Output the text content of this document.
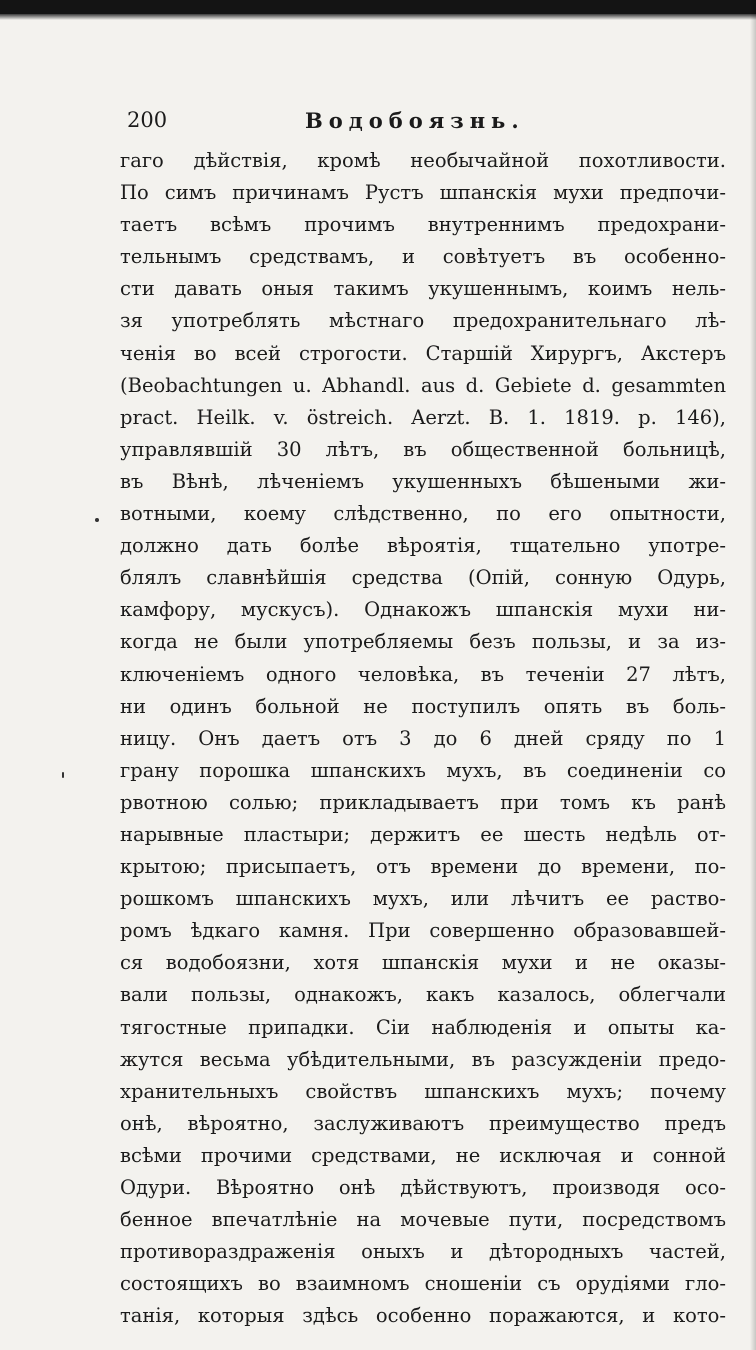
200	Водобоязнь.
гаго дѣйствія, кромѣ необычайной похотливости.
По симъ причинамъ Рустъ шпанскія мухи предпочи-
таетъ всѣмъ прочимъ внутреннимъ предохрани-
тельнымъ средствамъ, и совѣтуетъ въ особенно-
сти давать оныя такимъ укушеннымъ, коимъ нель-
зя употреблять мѣстнаго предохранительнаго лѣ-
ченія во всей строгости. Старшій Хирургъ, Акстеръ
(Beobachtungen u. Abhandl. aus d. Gebiete d. gesammten
pract. Heilk. v. östreich. Aerzt. B. 1. 1819. p. 146),
управлявшій 30 лѣтъ, въ общественной больницѣ,
въ Вѣнѣ, лѣченіемъ укушенныхъ бѣшеными жи-
вотными, коему слѣдственно, по его опытности,
должно дать болѣе вѣроятія, тщательно употре-
блялъ славнѣйшія средства (Опій, сонную Одурь,
камфору, мускусъ). Однакожъ шпанскія мухи ни-
когда не были употребляемы безъ пользы, и за из-
ключеніемъ одного человѣка, въ теченіи 27 лѣтъ,
ни одинъ больной не поступилъ опять въ боль-
ницу. Онъ даетъ отъ 3 до 6 дней сряду по 1
грану порошка шпанскихъ мухъ, въ соединеніи со
рвотною солью; прикладываетъ при томъ къ ранѣ
нарывные пластыри; держитъ ее шесть недѣль от-
крытою; присыпаетъ, отъ времени до времени, по-
рошкомъ шпанскихъ мухъ, или лѣчитъ ее раство-
ромъ ѣдкаго камня. При совершенно образовавшей-
ся водобоязни, хотя шпанскія мухи и не оказы-
вали пользы, однакожъ, какъ казалось, облегчали
тягостные припадки. Сіи наблюденія и опыты ка-
жутся весьма убѣдительными, въ разсужденіи предо-
хранительныхъ свойствъ шпанскихъ мухъ; почему
онѣ, вѣроятно, заслуживаютъ преимущество предъ
всѣми прочими средствами, не исключая и сонной
Одури. Вѣроятно онѣ дѣйствуютъ, производя осо-
бенное впечатлѣніе на мочевые пути, посредствомъ
противораздраженія оныхъ и дѣтородныхъ частей,
состоящихъ во взаимномъ сношеніи съ орудіями гло-
танія, которыя здѣсь особенно поражаются, и кото-
